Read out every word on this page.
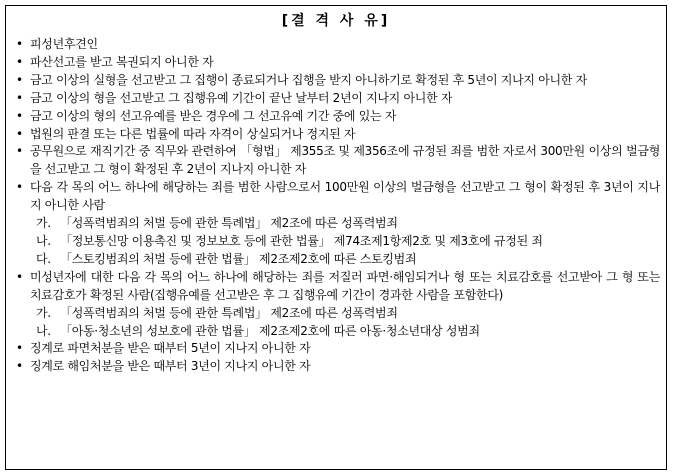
[결 격 사 유]
• 피성년후견인
• 파산선고를 받고 복권되지 아니한 자
• 금고 이상의 실형을 선고받고 그 집행이 종료되거나 집행을 받지 아니하기로 확정된 후 5년이 지나지 아니한 자
• 금고 이상의 형을 선고받고 그 집행유예 기간이 끝난 날부터 2년이 지나지 아니한 자
• 금고 이상의 형의 선고유예를 받은 경우에 그 선고유예 기간 중에 있는 자
• 법원의 판결 또는 다른 법률에 따라 자격이 상실되거나 정지된 자
• 공무원으로 재직기간 중 직무와 관련하여 「형법」 제355조 및 제356조에 규정된 죄를 범한 자로서 300만원 이상의 벌금형을 선고받고 그 형이 확정된 후 2년이 지나지 아니한 자
• 다음 각 목의 어느 하나에 해당하는 죄를 범한 사람으로서 100만원 이상의 벌금형을 선고받고 그 형이 확정된 후 3년이 지나지 아니한 사람
가. 「성폭력범죄의 처벌 등에 관한 특례법」 제2조에 따른 성폭력범죄
나. 「정보통신망 이용촉진 및 정보보호 등에 관한 법률」 제74조제1항제2호 및 제3호에 규정된 죄
다. 「스토킹범죄의 처벌 등에 관한 법률」 제2조제2호에 따른 스토킹범죄
• 미성년자에 대한 다음 각 목의 어느 하나에 해당하는 죄를 저질러 파면·해임되거나 형 또는 치료감호를 선고받아 그 형 또는 치료감호가 확정된 사람(집행유예를 선고받은 후 그 집행유예 기간이 경과한 사람을 포함한다)
가. 「성폭력범죄의 처벌 등에 관한 특례법」 제2조에 따른 성폭력범죄
나. 「아동·청소년의 성보호에 관한 법률」 제2조제2호에 따른 아동·청소년대상 성범죄
• 징계로 파면처분을 받은 때부터 5년이 지나지 아니한 자
• 징계로 해임처분을 받은 때부터 3년이 지나지 아니한 자
